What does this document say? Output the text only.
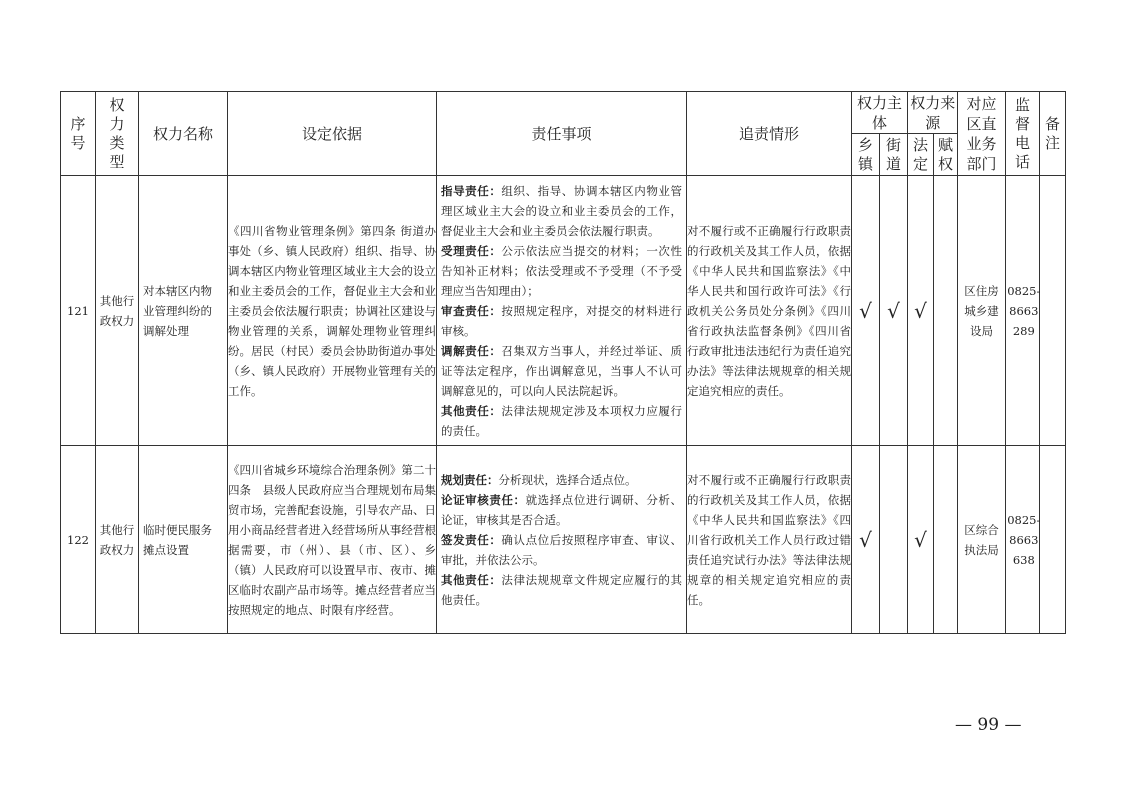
序号	权力类型	权力名称	设定依据	责任事项	追责情形	权力主体		权力来源		对应区直业务部门	监督电话	备注

						乡镇	街道	法定	赋权			

121	其他行政权力	对本辖区内物业管理纠纷的调解处理	《四川省物业管理条例》第四条 街道办事处（乡、镇人民政府）组织、指导、协调本辖区内物业管理区域业主大会的设立和业主委员会的工作，督促业主大会和业主委员会依法履行职责；协调社区建设与物业管理的关系，调解处理物业管理纠纷。居民（村民）委员会协助街道办事处（乡、镇人民政府）开展物业管理有关的工作。	指导责任：组织、指导、协调本辖区内物业管理区域业主大会的设立和业主委员会的工作，督促业主大会和业主委员会依法履行职责。
受理责任：公示依法应当提交的材料；一次性告知补正材料；依法受理或不予受理（不予受理应当告知理由）；
审查责任：按照规定程序，对提交的材料进行审核。
调解责任：召集双方当事人，并经过举证、质证等法定程序，作出调解意见，当事人不认可调解意见的，可以向人民法院起诉。
其他责任：法律法规规定涉及本项权力应履行的责任。	对不履行或不正确履行行政职责的行政机关及其工作人员，依据《中华人民共和国监察法》《中华人民共和国行政许可法》《行政机关公务员处分条例》《四川省行政执法监督条例》《四川省行政审批违法违纪行为责任追究办法》等法律法规规章的相关规定追究相应的责任。	√	√	√		区住房城乡建设局	0825-8663289	

122	其他行政权力	临时便民服务摊点设置	《四川省城乡环境综合治理条例》第二十四条　县级人民政府应当合理规划布局集贸市场，完善配套设施，引导农产品、日用小商品经营者进入经营场所从事经营根据需要，市（州）、县（市、区）、乡（镇）人民政府可以设置早市、夜市、摊区临时农副产品市场等。摊点经营者应当按照规定的地点、时限有序经营。	规划责任：分析现状，选择合适点位。
论证审核责任：就选择点位进行调研、分析、论证，审核其是否合适。
签发责任：确认点位后按照程序审查、审议、审批，并依法公示。
其他责任：法律法规规章文件规定应履行的其他责任。	对不履行或不正确履行行政职责的行政机关及其工作人员，依据《中华人民共和国监察法》《四川省行政机关工作人员行政过错责任追究试行办法》等法律法规规章的相关规定追究相应的责任。	√		√		区综合执法局	0825-8663638	

— 99 —
